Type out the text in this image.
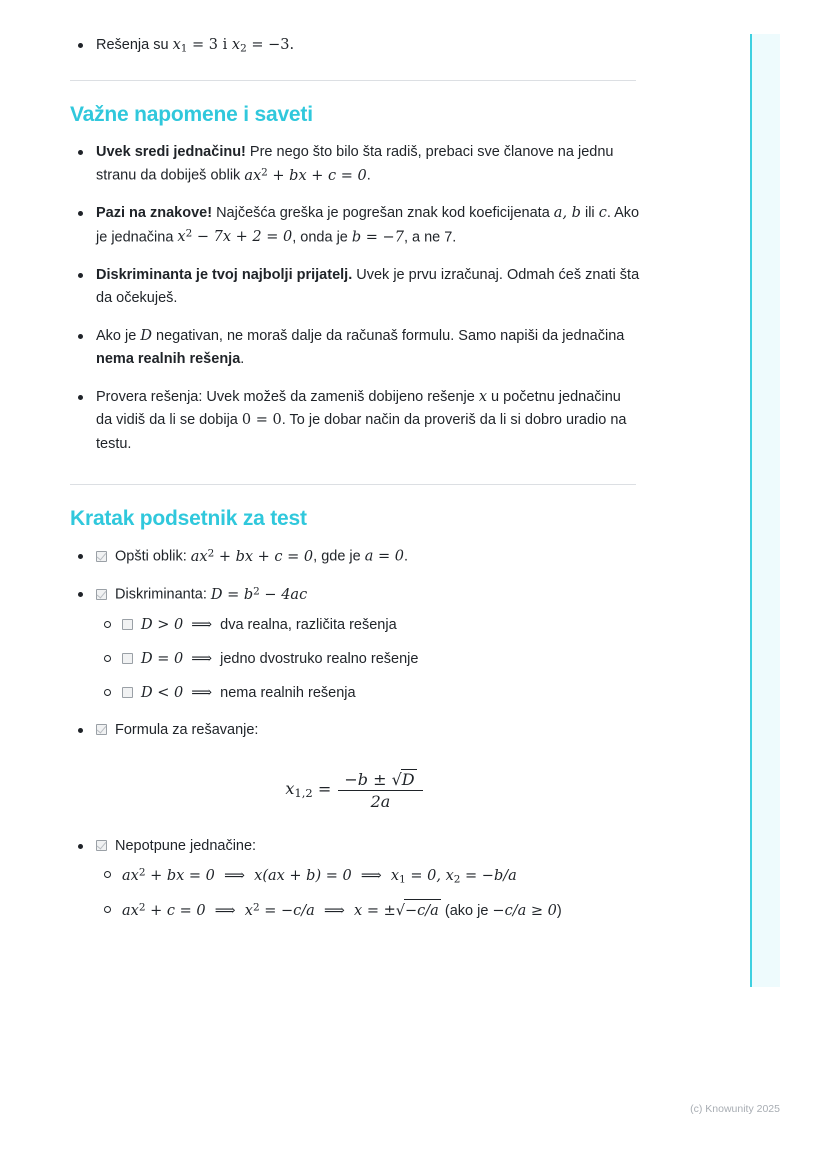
Rešenja su $x_1 = 3$ i $x_2 = -3$.
Važne napomene i saveti
Uvek sredi jednačinu! Pre nego što bilo šta radiš, prebaci sve članove na jednu stranu da dobiješ oblik $ax^2$ + bx + c = 0.
Pazi na znakove! Najčešća greška je pogrešan znak kod koeficijenata a, b ili c. Ako je jednačina $x^2 - 7x + 2 = 0$, onda je b = −7, a ne 7.
Diskriminanta je tvoj najbolji prijatelj. Uvek je prvu izračunaj. Odmah ćeš znati šta da očekuješ.
Ako je D negativan, ne moraš dalje da računaš formulu. Samo napiši da jednačina nema realnih rešenja.
Provera rešenja: Uvek možeš da zameniš dobijeno rešenje x u početnu jednačinu da vidiš da li se dobija 0 = 0. To je dobar način da proveriš da li si dobro uradio na testu.
Kratak podsetnik za test
Opšti oblik: $ax^2$ + bx + c = 0, gde je a = 0.
Diskriminanta: $D = b^2 - 4ac$
D > 0 ⟹ dva realna, različita rešenja
D = 0 ⟹ jedno dvostruko realno rešenje
D < 0 ⟹ nema realnih rešenja
Formula za rešavanje:
$x_{1,2} = \frac{-b \pm √D}{2a}$
Nepotpune jednačine:
$ax^2$ + bx = 0  ⟹  x(ax + b) = 0  ⟹  $x_1 = 0$, $x_2 = -b/a$
$ax^2 + c = 0$  ⟹  $x^2 = -c/a$  ⟹  x = ±√−c/a (ako je −c/a ≥ 0)
(c) Knowunity 2025
